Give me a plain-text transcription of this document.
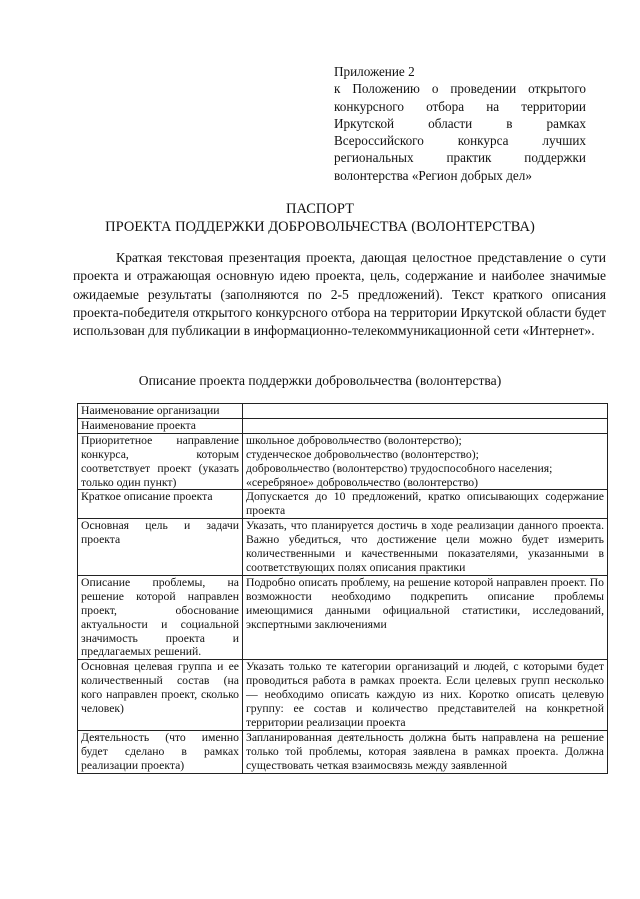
Приложение 2
к Положению о проведении открытого
конкурсного отбора на территории
Иркутской области в рамках
Всероссийского конкурса лучших
региональных практик поддержки
волонтерства «Регион добрых дел»
ПАСПОРТ
ПРОЕКТА ПОДДЕРЖКИ ДОБРОВОЛЬЧЕСТВА (ВОЛОНТЕРСТВА)

Краткая текстовая презентация проекта, дающая целостное представление о сути проекта и отражающая основную идею проекта, цель, содержание и наиболее значимые ожидаемые результаты (заполняются по 2-5 предложений). Текст краткого описания проекта-победителя открытого конкурсного отбора на территории Иркутской области будет использован для публикации в информационно-телекоммуникационной сети «Интернет».

Описание проекта поддержки добровольчества (волонтерства)
Наименование организации	
Наименование проекта	
Приоритетное направление конкурса, которым соответствует проект (указать только один пункт)	школьное добровольчество (волонтерство);
студенческое добровольчество (волонтерство);
добровольчество (волонтерство) трудоспособного населения;
«серебряное» добровольчество (волонтерство)

Краткое описание проекта	Допускается до 10 предложений, кратко описывающих содержание проекта
Основная цель и задачи проекта	Указать, что планируется достичь в ходе реализации данного проекта. Важно убедиться, что достижение цели можно будет измерить количественными и качественными показателями, указанными в соответствующих полях описания практики
Описание проблемы, на решение которой направлен проект, обоснование актуальности и социальной значимость проекта и предлагаемых решений.	Подробно описать проблему, на решение которой направлен проект. По возможности необходимо подкрепить описание проблемы имеющимися данными официальной статистики, исследований, экспертными заключениями
Основная целевая группа и ее количественный состав (на кого направлен проект, сколько человек)	Указать только те категории организаций и людей, с которыми будет проводиться работа в рамках проекта. Если целевых групп несколько — необходимо описать каждую из них. Коротко описать целевую группу: ее состав и количество представителей на конкретной территории реализации проекта
Деятельность (что именно будет сделано в рамках реализации проекта)	Запланированная деятельность должна быть направлена на решение только той проблемы, которая заявлена в рамках проекта. Должна существовать четкая взаимосвязь между заявленной
